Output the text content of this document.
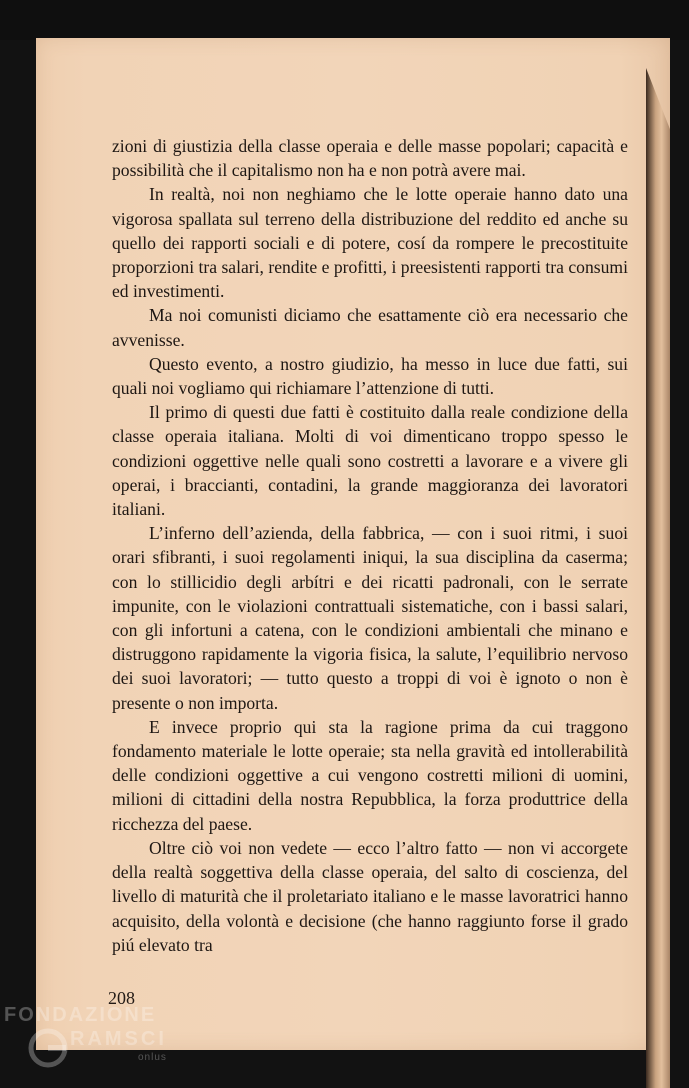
zioni di giustizia della classe operaia e delle masse popolari; capacità e possibilità che il capitalismo non ha e non potrà avere mai.

In realtà, noi non neghiamo che le lotte operaie hanno dato una vigorosa spallata sul terreno della distribuzione del reddito ed anche su quello dei rapporti sociali e di potere, cosí da rompere le precostituite proporzioni tra salari, rendite e profitti, i preesistenti rapporti tra consumi ed investimenti.

Ma noi comunisti diciamo che esattamente ciò era necessario che avvenisse.

Questo evento, a nostro giudizio, ha messo in luce due fatti, sui quali noi vogliamo qui richiamare l’attenzione di tutti.

Il primo di questi due fatti è costituito dalla reale condizione della classe operaia italiana. Molti di voi dimenticano troppo spesso le condizioni oggettive nelle quali sono costretti a lavorare e a vivere gli operai, i braccianti, contadini, la grande maggioranza dei lavoratori italiani.

L’inferno dell’azienda, della fabbrica, — con i suoi ritmi, i suoi orari sfibranti, i suoi regolamenti iniqui, la sua disciplina da caserma; con lo stillicidio degli arbítri e dei ricatti padronali, con le serrate impunite, con le violazioni contrattuali sistematiche, con i bassi salari, con gli infortuni a catena, con le condizioni ambientali che minano e distruggono rapidamente la vigoria fisica, la salute, l’equilibrio nervoso dei suoi lavoratori; — tutto questo a troppi di voi è ignoto o non è presente o non importa.

E invece proprio qui sta la ragione prima da cui traggono fondamento materiale le lotte operaie; sta nella gravità ed intollerabilità delle condizioni oggettive a cui vengono costretti milioni di uomini, milioni di cittadini della nostra Repubblica, la forza produttrice della ricchezza del paese.

Oltre ciò voi non vedete — ecco l’altro fatto — non vi accorgete della realtà soggettiva della classe operaia, del salto di coscienza, del livello di maturità che il proletariato italiano e le masse lavoratrici hanno acquisito, della volontà e decisione (che hanno raggiunto forse il grado piú elevato tra

208
FONDAZIONE
RAMSCI
onlus
